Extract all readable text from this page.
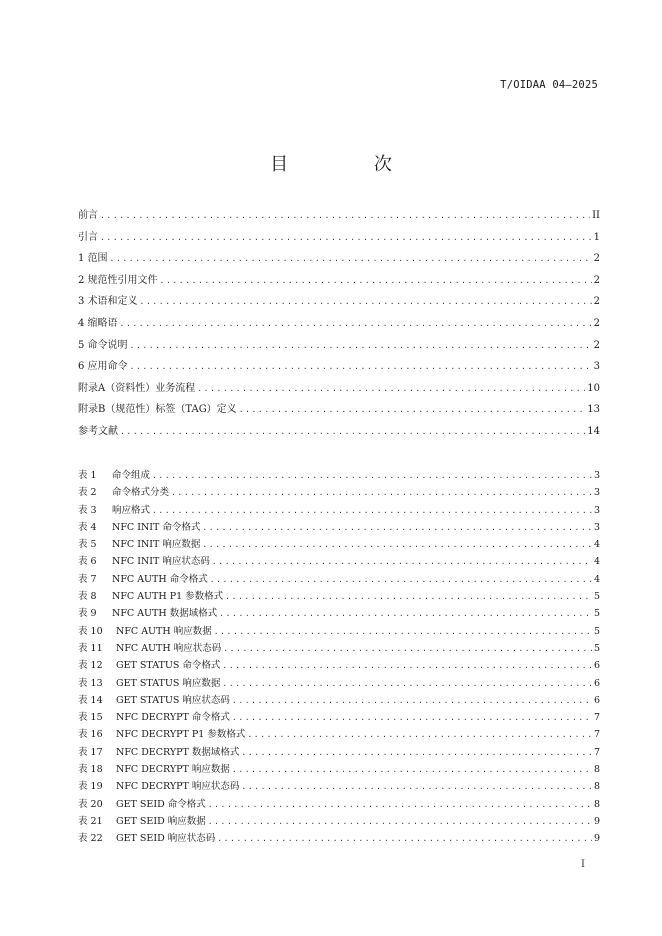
T/OIDAA 04—2025
目 次
前言 .....	II
引言 .....	1
1 范围 .....	2
2 规范性引用文件 .....	2
3 术语和定义 .....	2
4 缩略语 .....	2
5 命令说明 .....	2
6 应用命令 .....	3
附录A（资料性）业务流程 .....	10
附录B（规范性）标签（TAG）定义 .....	13
参考文献 .....	14
表 1	命令组成 .....	3
表 2	命令格式分类 .....	3
表 3	响应格式 .....	3
表 4	NFC INIT 命令格式 .....	3
表 5	NFC INIT 响应数据 .....	4
表 6	NFC INIT 响应状态码 .....	4
表 7	NFC AUTH 命令格式 .....	4
表 8	NFC AUTH P1 参数格式 .....	5
表 9	NFC AUTH 数据域格式 .....	5
表 10	NFC AUTH 响应数据 .....	5
表 11	NFC AUTH 响应状态码 .....	5
表 12	GET STATUS 命令格式 .....	6
表 13	GET STATUS 响应数据 .....	6
表 14	GET STATUS 响应状态码 .....	6
表 15	NFC DECRYPT 命令格式 .....	7
表 16	NFC DECRYPT P1 参数格式 .....	7
表 17	NFC DECRYPT 数据域格式 .....	7
表 18	NFC DECRYPT 响应数据 .....	8
表 19	NFC DECRYPT 响应状态码 .....	8
表 20	GET SEID 命令格式 .....	8
表 21	GET SEID 响应数据 .....	9
表 22	GET SEID 响应状态码 .....	9
I
